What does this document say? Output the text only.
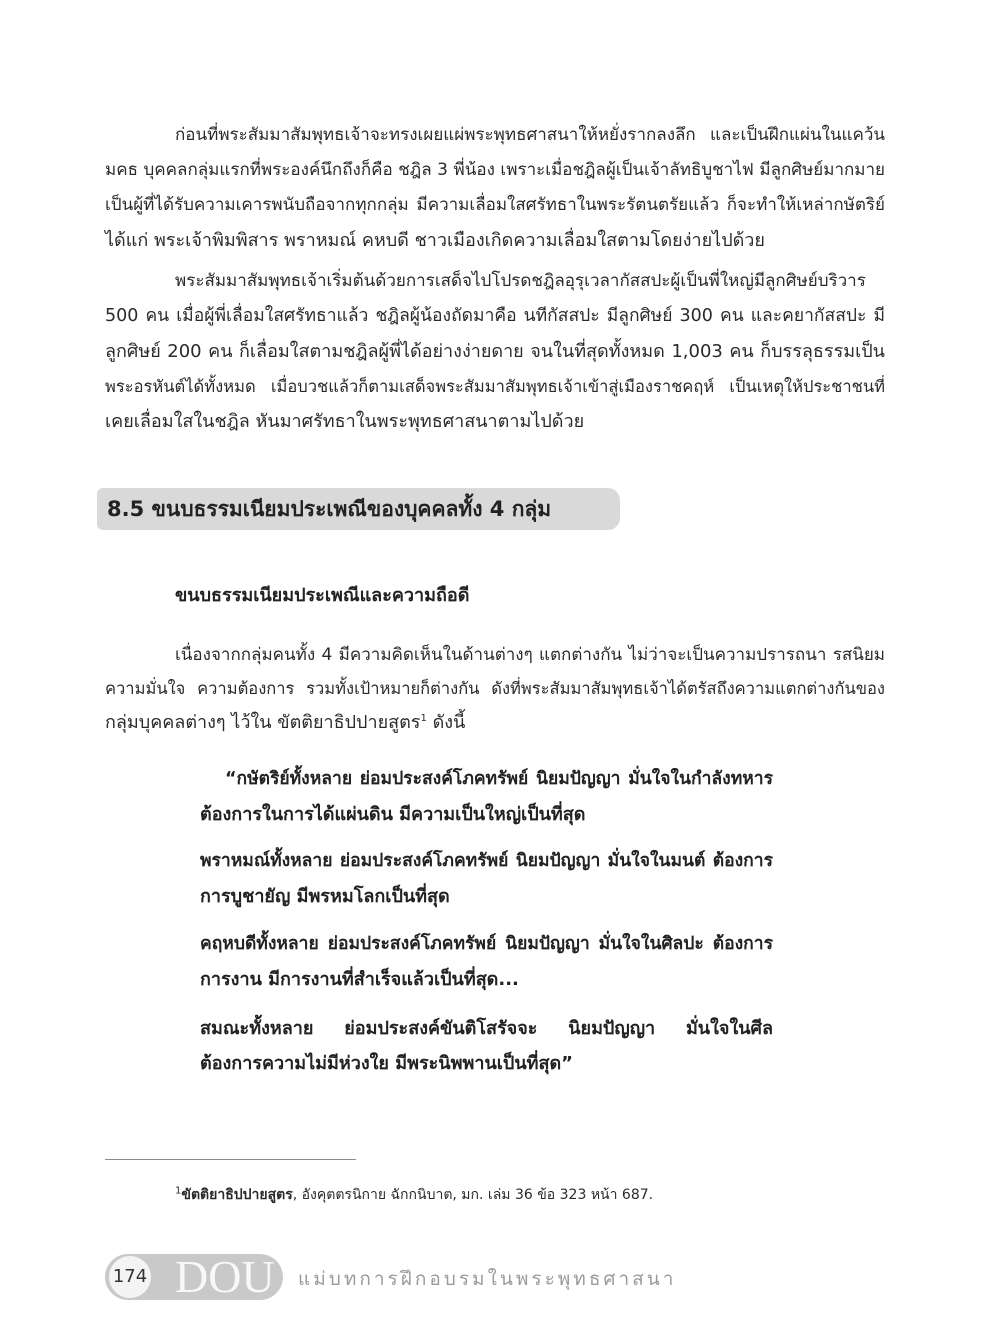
ก่อนที่พระสัมมาสัมพุทธเจ้าจะทรงเผยแผ่พระพุทธศาสนาให้หยั่งรากลงลึก และเป็นฝึกแผ่นในแคว้น
มคธ บุคคลกลุ่มแรกที่พระองค์นึกถึงก็คือ ชฎิล 3 พี่น้อง เพราะเมื่อชฎิลผู้เป็นเจ้าลัทธิบูชาไฟ มีลูกศิษย์มากมาย
เป็นผู้ที่ได้รับความเคารพนับถือจากทุกกลุ่ม มีความเลื่อมใสศรัทธาในพระรัตนตรัยแล้ว ก็จะทำให้เหล่ากษัตริย์
ได้แก่ พระเจ้าพิมพิสาร พราหมณ์ คหบดี ชาวเมืองเกิดความเลื่อมใสตามโดยง่ายไปด้วย
พระสัมมาสัมพุทธเจ้าเริ่มต้นด้วยการเสด็จไปโปรดชฎิลอุรุเวลากัสสปะผู้เป็นพี่ใหญ่มีลูกศิษย์บริวาร
500 คน เมื่อผู้พี่เลื่อมใสศรัทธาแล้ว ชฎิลผู้น้องถัดมาคือ นทีกัสสปะ มีลูกศิษย์ 300 คน และคยากัสสปะ มี
ลูกศิษย์ 200 คน ก็เลื่อมใสตามชฎิลผู้พี่ได้อย่างง่ายดาย จนในที่สุดทั้งหมด 1,003 คน ก็บรรลุธรรมเป็น
พระอรหันต์ได้ทั้งหมด เมื่อบวชแล้วก็ตามเสด็จพระสัมมาสัมพุทธเจ้าเข้าสู่เมืองราชคฤห์ เป็นเหตุให้ประชาชนที่
เคยเลื่อมใสในชฎิล หันมาศรัทธาในพระพุทธศาสนาตามไปด้วย
8.5 ขนบธรรมเนียมประเพณีของบุคคลทั้ง 4 กลุ่ม
ขนบธรรมเนียมประเพณีและความถือดี
เนื่องจากกลุ่มคนทั้ง 4 มีความคิดเห็นในด้านต่างๆ แตกต่างกัน ไม่ว่าจะเป็นความปรารถนา รสนิยม
ความมั่นใจ ความต้องการ รวมทั้งเป้าหมายก็ต่างกัน ดังที่พระสัมมาสัมพุทธเจ้าได้ตรัสถึงความแตกต่างกันของ
กลุ่มบุคคลต่างๆ ไว้ใน ขัตติยาธิปปายสูตร$^1$ ดังนี้
“กษัตริย์ทั้งหลาย ย่อมประสงค์โภคทรัพย์ นิยมปัญญา มั่นใจในกำลังทหาร
ต้องการในการได้แผ่นดิน มีความเป็นใหญ่เป็นที่สุด
พราหมณ์ทั้งหลาย ย่อมประสงค์โภคทรัพย์ นิยมปัญญา มั่นใจในมนต์ ต้องการ
การบูชายัญ มีพรหมโลกเป็นที่สุด
คฤหบดีทั้งหลาย ย่อมประสงค์โภคทรัพย์ นิยมปัญญา มั่นใจในศิลปะ ต้องการ
การงาน มีการงานที่สำเร็จแล้วเป็นที่สุด...
สมณะทั้งหลาย ย่อมประสงค์ขันติโสรัจจะ นิยมปัญญา มั่นใจในศีล
ต้องการความไม่มีห่วงใย มีพระนิพพานเป็นที่สุด”
$^1$ขัตติยาธิปปายสูตร, อังคุตตรนิกาย ฉักกนิบาต, มก. เล่ม 36 ข้อ 323 หน้า 687.
174 DOU แม่บทการฝึกอบรมในพระพุทธศาสนา
